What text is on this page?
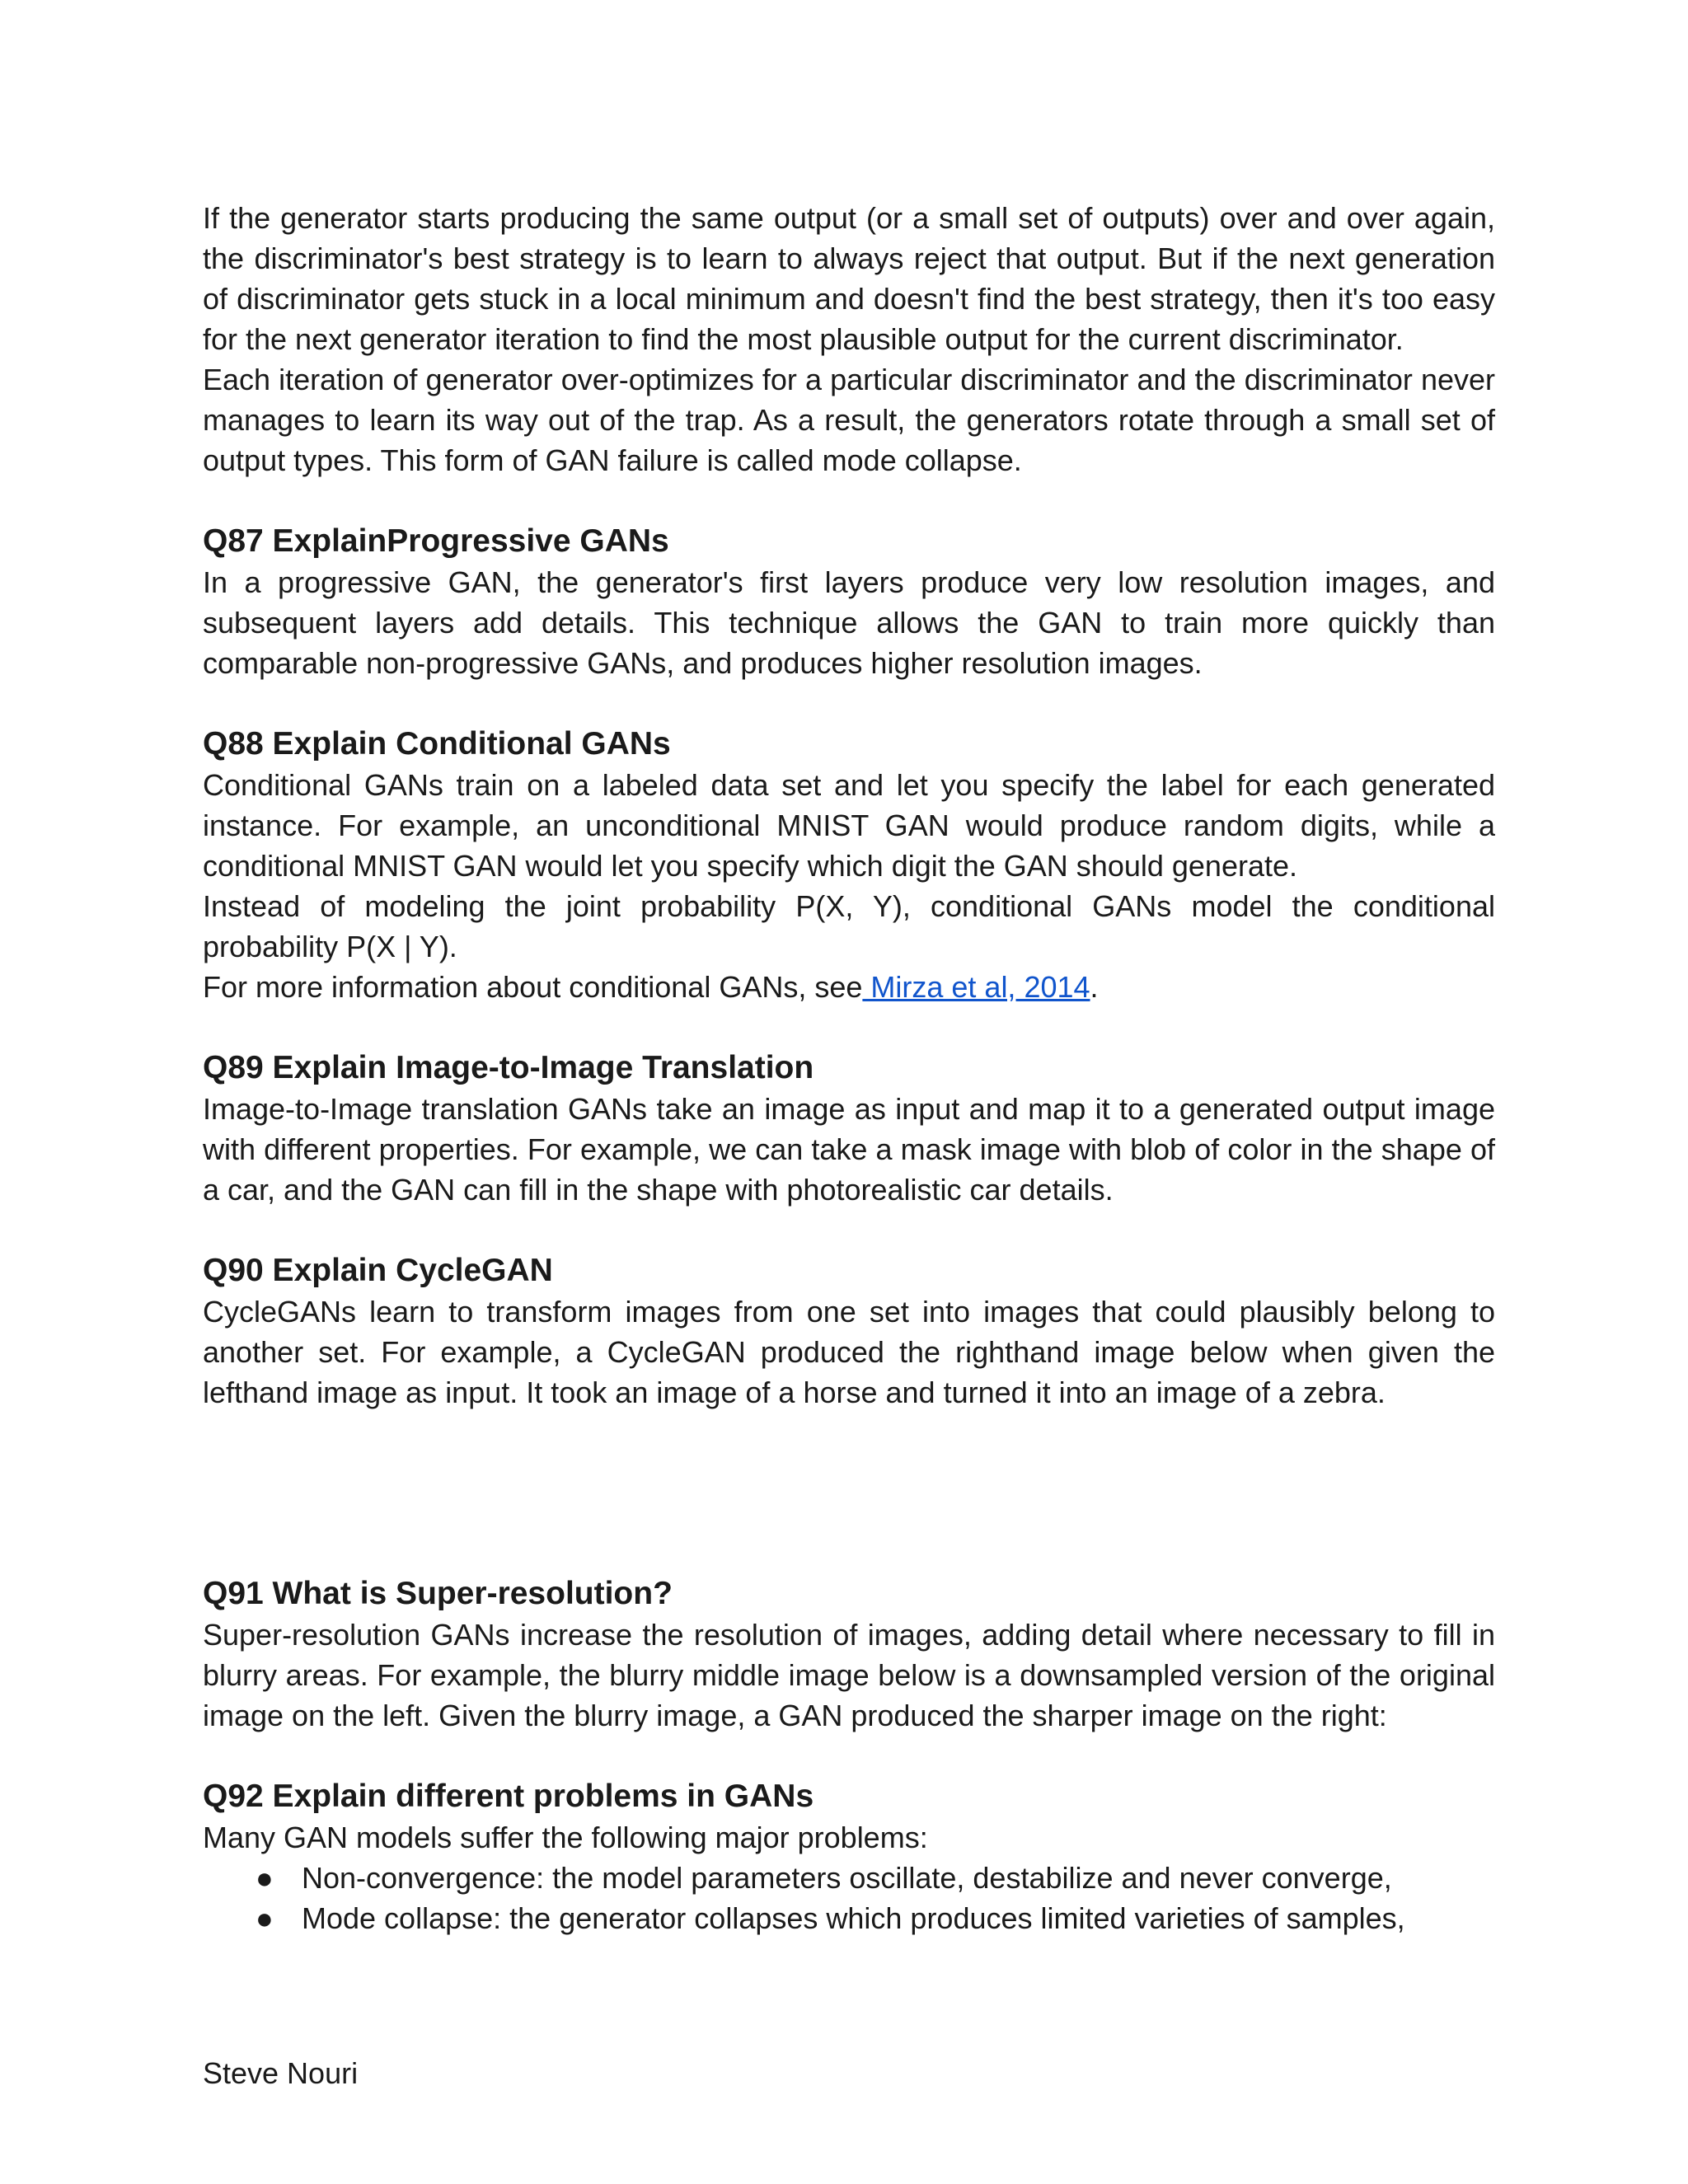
If the generator starts producing the same output (or a small set of outputs) over and over again, the discriminator's best strategy is to learn to always reject that output. But if the next generation of discriminator gets stuck in a local minimum and doesn't find the best strategy, then it's too easy for the next generator iteration to find the most plausible output for the current discriminator.

Each iteration of generator over-optimizes for a particular discriminator and the discriminator never manages to learn its way out of the trap. As a result, the generators rotate through a small set of output types. This form of GAN failure is called mode collapse.

Q87 ExplainProgressive GANs

In a progressive GAN, the generator's first layers produce very low resolution images, and subsequent layers add details. This technique allows the GAN to train more quickly than comparable non-progressive GANs, and produces higher resolution images.

Q88 Explain Conditional GANs

Conditional GANs train on a labeled data set and let you specify the label for each generated instance. For example, an unconditional MNIST GAN would produce random digits, while a conditional MNIST GAN would let you specify which digit the GAN should generate.

Instead of modeling the joint probability P(X, Y), conditional GANs model the conditional probability P(X | Y).

For more information about conditional GANs, see Mirza et al, 2014.

Q89 Explain Image-to-Image Translation

Image-to-Image translation GANs take an image as input and map it to a generated output image with different properties. For example, we can take a mask image with blob of color in the shape of a car, and the GAN can fill in the shape with photorealistic car details.

Q90 Explain CycleGAN

CycleGANs learn to transform images from one set into images that could plausibly belong to another set. For example, a CycleGAN produced the righthand image below when given the lefthand image as input. It took an image of a horse and turned it into an image of a zebra.

Q91 What is Super-resolution?

Super-resolution GANs increase the resolution of images, adding detail where necessary to fill in blurry areas. For example, the blurry middle image below is a downsampled version of the original image on the left. Given the blurry image, a GAN produced the sharper image on the right:

Q92 Explain different problems in GANs

Many GAN models suffer the following major problems:

● Non-convergence: the model parameters oscillate, destabilize and never converge,
● Mode collapse: the generator collapses which produces limited varieties of samples,

Steve Nouri
